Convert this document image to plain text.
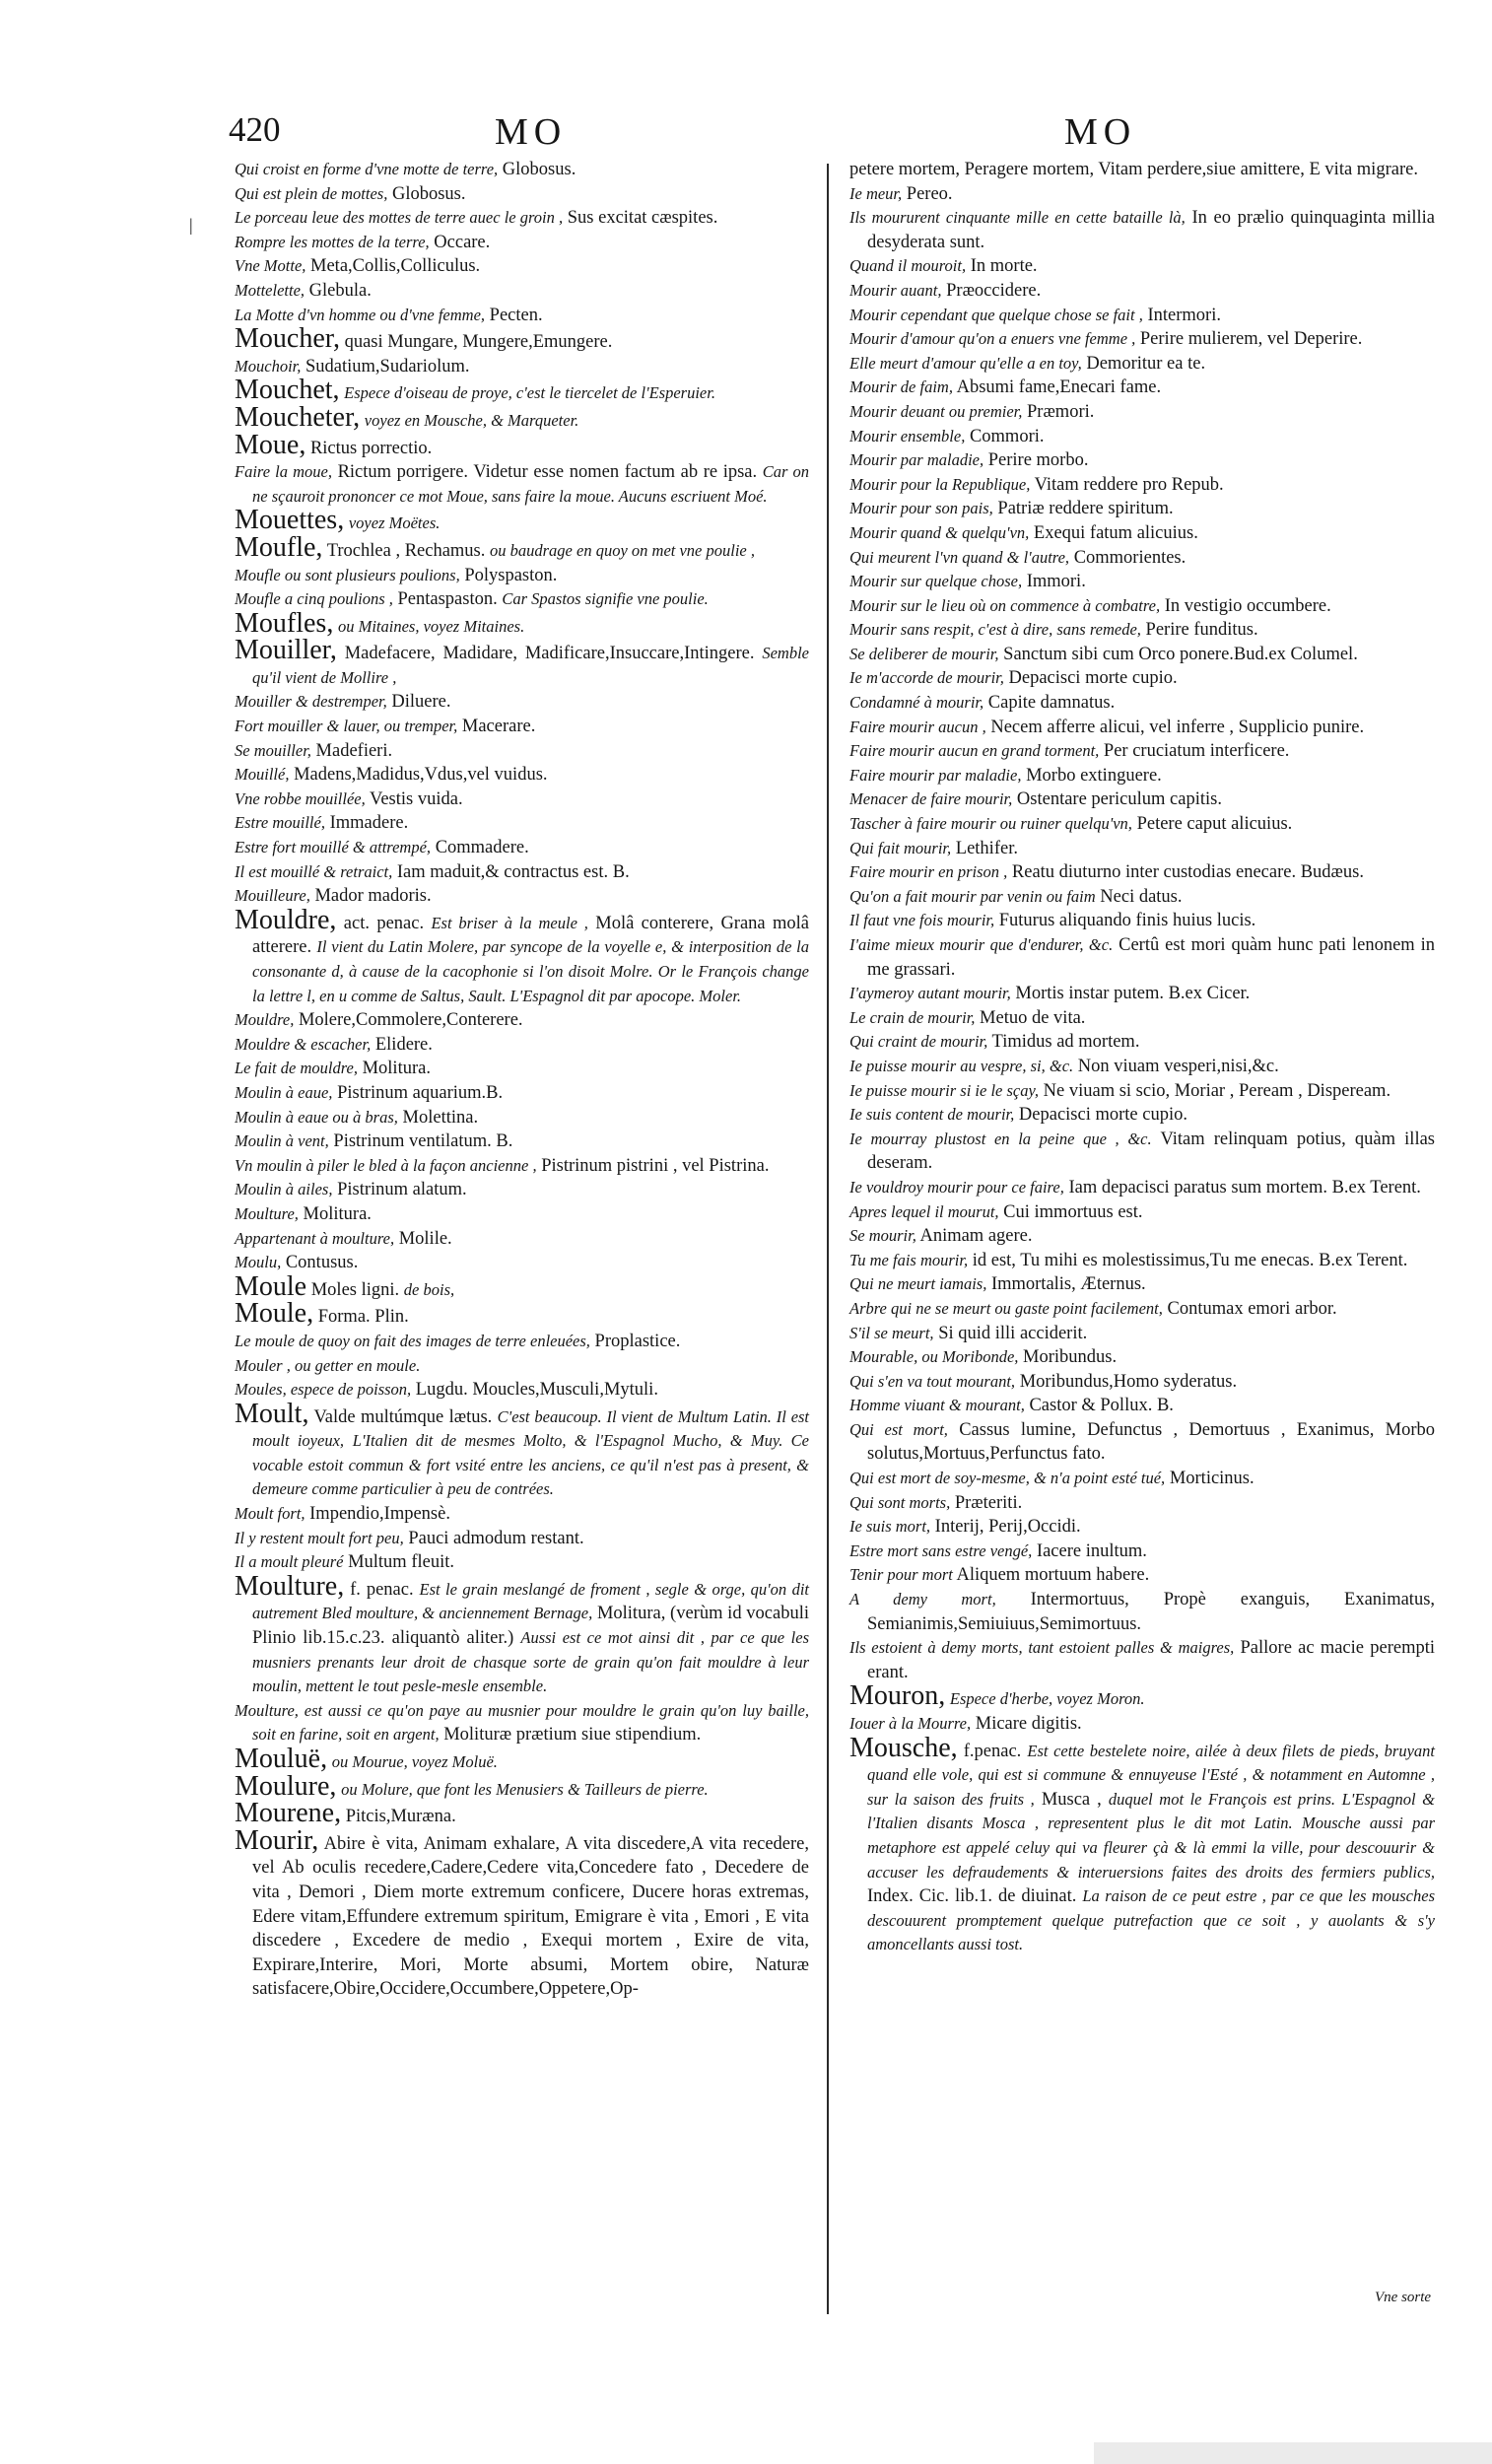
420	MO	MO
|

Qui croist en forme d'vne motte de terre, Globosus.

Qui est plein de mottes, Globosus.

Le porceau leue des mottes de terre auec le groin , Sus excitat cæspites.

Rompre les mottes de la terre, Occare.

Vne Motte, Meta,Collis,Colliculus.

Mottelette, Glebula.

La Motte d'vn homme ou d'vne femme, Pecten.

Moucher, quasi Mungare, Mungere,Emungere.

Mouchoir, Sudatium,Sudariolum.

Mouchet, Espece d'oiseau de proye, c'est le tiercelet de l'Esperuier.

Moucheter, voyez en Mousche, & Marqueter.

Moue, Rictus porrectio.

Faire la moue, Rictum porrigere. Videtur esse nomen factum ab re ipsa. Car on ne sçauroit prononcer ce mot Moue, sans faire la moue. Aucuns escriuent Moé.

Mouettes, voyez Moëtes.

Moufle, Trochlea , Rechamus. ou baudrage en quoy on met vne poulie ,

Moufle ou sont plusieurs poulions, Polyspaston.

Moufle a cinq poulions , Pentaspaston. Car Spastos signifie vne poulie.

Moufles, ou Mitaines, voyez Mitaines.

Mouiller, Madefacere, Madidare, Madificare,Insuccare,Intingere. Semble qu'il vient de Mollire ,

Mouiller & destremper, Diluere.

Fort mouiller & lauer, ou tremper, Macerare.

Se mouiller, Madefieri.

Mouillé, Madens,Madidus,Vdus,vel vuidus.

Vne robbe mouillée, Vestis vuida.

Estre mouillé, Immadere.

Estre fort mouillé & attrempé, Commadere.

Il est mouillé & retraict, Iam maduit,& contractus est. B.

Mouilleure, Mador madoris.

Mouldre, act. penac. Est briser à la meule , Molâ conterere, Grana molâ atterere. Il vient du Latin Molere, par syncope de la voyelle e, & interposition de la consonante d, à cause de la cacophonie si l'on disoit Molre. Or le François change la lettre l, en u comme de Saltus, Sault. L'Espagnol dit par apocope. Moler.

Mouldre, Molere,Commolere,Conterere.

Mouldre & escacher, Elidere.

Le fait de mouldre, Molitura.

Moulin à eaue, Pistrinum aquarium.B.

Moulin à eaue ou à bras, Molettina.

Moulin à vent, Pistrinum ventilatum. B.

Vn moulin à piler le bled à la façon ancienne , Pistrinum pistrini , vel Pistrina.

Moulin à ailes, Pistrinum alatum.

Moulture, Molitura.

Appartenant à moulture, Molile.

Moulu, Contusus.

Moule Moles ligni. de bois,

Moule, Forma. Plin.

Le moule de quoy on fait des images de terre enleuées, Proplastice.

Mouler , ou getter en moule.

Moules, espece de poisson, Lugdu. Moucles,Musculi,Mytuli.

Moult, Valde multúmque lætus. C'est beaucoup. Il vient de Multum Latin. Il est moult ioyeux, L'Italien dit de mesmes Molto, & l'Espagnol Mucho, & Muy. Ce vocable estoit commun & fort vsité entre les anciens, ce qu'il n'est pas à present, & demeure comme particulier à peu de contrées.

Moult fort, Impendio,Impensè.

Il y restent moult fort peu, Pauci admodum restant.

Il a moult pleuré Multum fleuit.

Moulture, f. penac. Est le grain meslangé de froment , segle & orge, qu'on dit autrement Bled moulture, & anciennement Bernage, Molitura, (verùm id vocabuli Plinio lib.15.c.23. aliquantò aliter.) Aussi est ce mot ainsi dit , par ce que les musniers prenants leur droit de chasque sorte de grain qu'on fait mouldre à leur moulin, mettent le tout pesle-mesle ensemble.

Moulture, est aussi ce qu'on paye au musnier pour mouldre le grain qu'on luy baille, soit en farine, soit en argent, Molituræ prætium siue stipendium.

Mouluë, ou Mourue, voyez Moluë.

Moulure, ou Molure, que font les Menusiers & Tailleurs de pierre.

Mourene, Pitcis,Muræna.

Mourir, Abire è vita, Animam exhalare, A vita discedere,A vita recedere, vel Ab oculis recedere,Cadere,Cedere vita,Concedere fato , Decedere de vita , Demori , Diem morte extremum conficere, Ducere horas extremas, Edere vitam,Effundere extremum spiritum, Emigrare è vita , Emori , E vita discedere , Excedere de medio , Exequi mortem , Exire de vita, Expirare,Interire, Mori, Morte absumi, Mortem obire, Naturæ satisfacere,Obire,Occidere,Occumbere,Oppetere,Op-

petere mortem, Peragere mortem, Vitam perdere,siue amittere, E vita migrare.

Ie meur, Pereo.

Ils moururent cinquante mille en cette bataille là, In eo prælio quinquaginta millia desyderata sunt.

Quand il mouroit, In morte.

Mourir auant, Præoccidere.

Mourir cependant que quelque chose se fait , Intermori.

Mourir d'amour qu'on a enuers vne femme , Perire mulierem, vel Deperire.

Elle meurt d'amour qu'elle a en toy, Demoritur ea te.

Mourir de faim, Absumi fame,Enecari fame.

Mourir deuant ou premier, Præmori.

Mourir ensemble, Commori.

Mourir par maladie, Perire morbo.

Mourir pour la Republique, Vitam reddere pro Repub.

Mourir pour son pais, Patriæ reddere spiritum.

Mourir quand & quelqu'vn, Exequi fatum alicuius.

Qui meurent l'vn quand & l'autre, Commorientes.

Mourir sur quelque chose, Immori.

Mourir sur le lieu où on commence à combatre, In vestigio occumbere.

Mourir sans respit, c'est à dire, sans remede, Perire funditus.

Se deliberer de mourir, Sanctum sibi cum Orco ponere.Bud.ex Columel.

Ie m'accorde de mourir, Depacisci morte cupio.

Condamné à mourir, Capite damnatus.

Faire mourir aucun , Necem afferre alicui, vel inferre , Supplicio punire.

Faire mourir aucun en grand torment, Per cruciatum interficere.

Faire mourir par maladie, Morbo extinguere.

Menacer de faire mourir, Ostentare periculum capitis.

Tascher à faire mourir ou ruiner quelqu'vn, Petere caput alicuius.

Qui fait mourir, Lethifer.

Faire mourir en prison , Reatu diuturno inter custodias enecare. Budæus.

Qu'on a fait mourir par venin ou faim Neci datus.

Il faut vne fois mourir, Futurus aliquando finis huius lucis.

I'aime mieux mourir que d'endurer, &c. Certû est mori quàm hunc pati lenonem in me grassari.

I'aymeroy autant mourir, Mortis instar putem. B.ex Cicer.

Le crain de mourir, Metuo de vita.

Qui craint de mourir, Timidus ad mortem.

Ie puisse mourir au vespre, si, &c. Non viuam vesperi,nisi,&c.

Ie puisse mourir si ie le sçay, Ne viuam si scio, Moriar , Peream , Dispeream.

Ie suis content de mourir, Depacisci morte cupio.

Ie mourray plustost en la peine que , &c. Vitam relinquam potius, quàm illas deseram.

Ie vouldroy mourir pour ce faire, Iam depacisci paratus sum mortem. B.ex Terent.

Apres lequel il mourut, Cui immortuus est.

Se mourir, Animam agere.

Tu me fais mourir, id est, Tu mihi es molestissimus,Tu me enecas. B.ex Terent.

Qui ne meurt iamais, Immortalis, Æternus.

Arbre qui ne se meurt ou gaste point facilement, Contumax emori arbor.

S'il se meurt, Si quid illi acciderit.

Mourable, ou Moribonde, Moribundus.

Qui s'en va tout mourant, Moribundus,Homo syderatus.

Homme viuant & mourant, Castor & Pollux. B.

Qui est mort, Cassus lumine, Defunctus , Demortuus , Exanimus, Morbo solutus,Mortuus,Perfunctus fato.

Qui est mort de soy-mesme, & n'a point esté tué, Morticinus.

Qui sont morts, Præteriti.

Ie suis mort, Interij, Perij,Occidi.

Estre mort sans estre vengé, Iacere inultum.

Tenir pour mort Aliquem mortuum habere.

A demy mort, Intermortuus, Propè exanguis, Exanimatus, Semianimis,Semiuiuus,Semimortuus.

Ils estoient à demy morts, tant estoient palles & maigres, Pallore ac macie perempti erant.

Mouron, Espece d'herbe, voyez Moron.

Iouer à la Mourre, Micare digitis.

Mousche, f.penac. Est cette bestelete noire, ailée à deux filets de pieds, bruyant quand elle vole, qui est si commune & ennuyeuse l'Esté , & notamment en Automne , sur la saison des fruits , Musca , duquel mot le François est prins. L'Espagnol & l'Italien disants Mosca , representent plus le dit mot Latin. Mousche aussi par metaphore est appelé celuy qui va fleurer çà & là emmi la ville, pour descouurir & accuser les defraudements & interuersions faites des droits des fermiers publics, Index. Cic. lib.1. de diuinat. La raison de ce peut estre , par ce que les mousches descouurent promptement quelque putrefaction que ce soit , y auolants & s'y amoncellants aussi tost.

Vne sorte
